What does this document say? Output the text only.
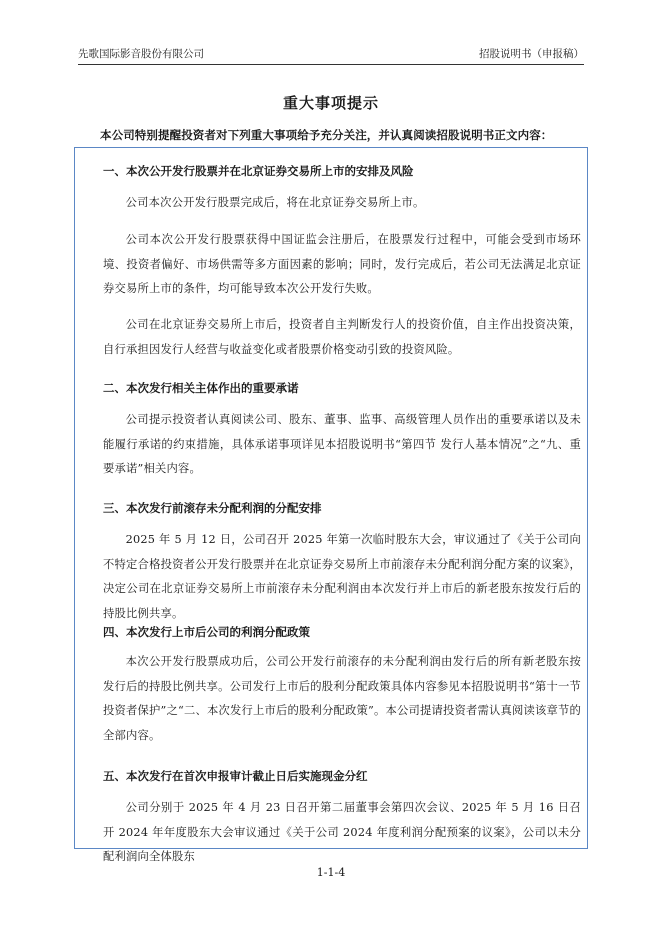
先歌国际影音股份有限公司	招股说明书（申报稿）
重大事项提示
本公司特别提醒投资者对下列重大事项给予充分关注，并认真阅读招股说明书正文内容：
一、本次公开发行股票并在北京证券交易所上市的安排及风险
公司本次公开发行股票完成后，将在北京证券交易所上市。
公司本次公开发行股票获得中国证监会注册后，在股票发行过程中，可能会受到市场环境、投资者偏好、市场供需等多方面因素的影响；同时，发行完成后，若公司无法满足北京证券交易所上市的条件，均可能导致本次公开发行失败。
公司在北京证券交易所上市后，投资者自主判断发行人的投资价值，自主作出投资决策，自行承担因发行人经营与收益变化或者股票价格变动引致的投资风险。
二、本次发行相关主体作出的重要承诺
公司提示投资者认真阅读公司、股东、董事、监事、高级管理人员作出的重要承诺以及未能履行承诺的约束措施，具体承诺事项详见本招股说明书“第四节 发行人基本情况”之“九、重要承诺”相关内容。
三、本次发行前滚存未分配利润的分配安排
2025 年 5 月 12 日，公司召开 2025 年第一次临时股东大会，审议通过了《关于公司向不特定合格投资者公开发行股票并在北京证券交易所上市前滚存未分配利润分配方案的议案》，决定公司在北京证券交易所上市前滚存未分配利润由本次发行并上市后的新老股东按发行后的持股比例共享。
四、本次发行上市后公司的利润分配政策
本次公开发行股票成功后，公司公开发行前滚存的未分配利润由发行后的所有新老股东按发行后的持股比例共享。公司发行上市后的股利分配政策具体内容参见本招股说明书“第十一节 投资者保护”之“二、本次发行上市后的股利分配政策”。本公司提请投资者需认真阅读该章节的全部内容。
五、本次发行在首次申报审计截止日后实施现金分红
公司分别于 2025 年 4 月 23 日召开第二届董事会第四次会议、2025 年 5 月 16 日召开 2024 年年度股东大会审议通过《关于公司 2024 年度利润分配预案的议案》，公司以未分配利润向全体股东
1-1-4
